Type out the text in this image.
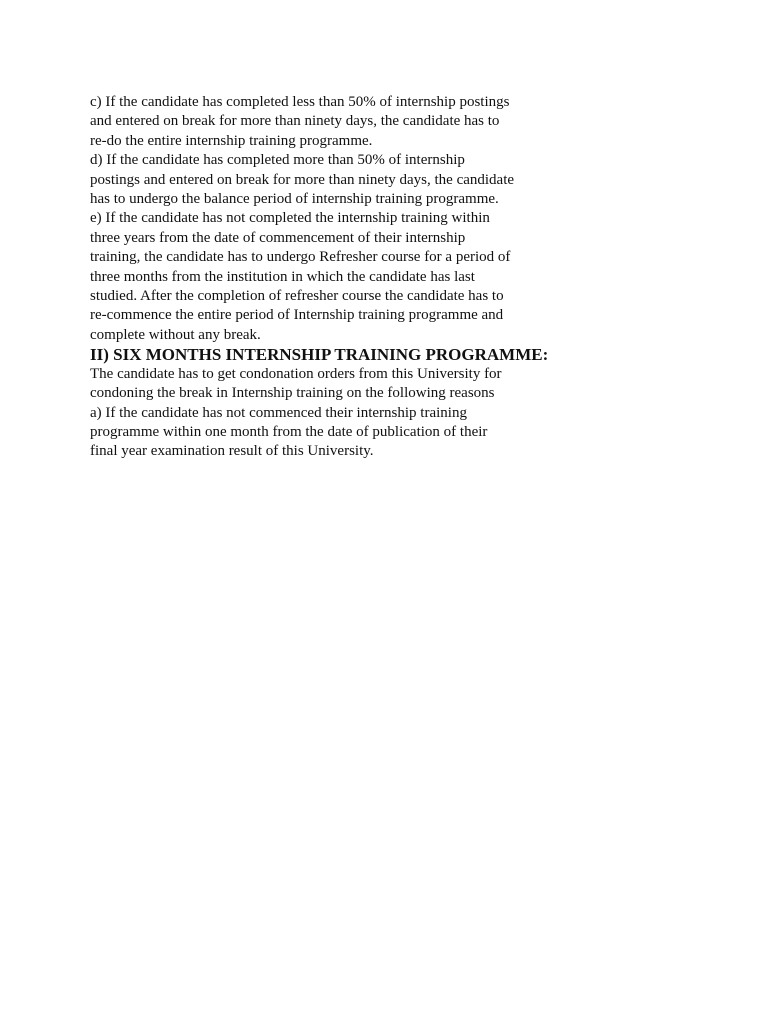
c) If the candidate has completed less than 50% of internship postings
and entered on break for more than ninety days, the candidate has to
re-do the entire internship training programme.
d) If the candidate has completed more than 50% of internship
postings and entered on break for more than ninety days, the candidate
has to undergo the balance period of internship training programme.
e) If the candidate has not completed the internship training within
three years from the date of commencement of their internship
training, the candidate has to undergo Refresher course for a period of
three months from the institution in which the candidate has last
studied. After the completion of refresher course the candidate has to
re-commence the entire period of Internship training programme and
complete without any break.
II) SIX MONTHS INTERNSHIP TRAINING PROGRAMME:
The candidate has to get condonation orders from this University for
condoning the break in Internship training on the following reasons
a) If the candidate has not commenced their internship training
programme within one month from the date of publication of their
final year examination result of this University.
